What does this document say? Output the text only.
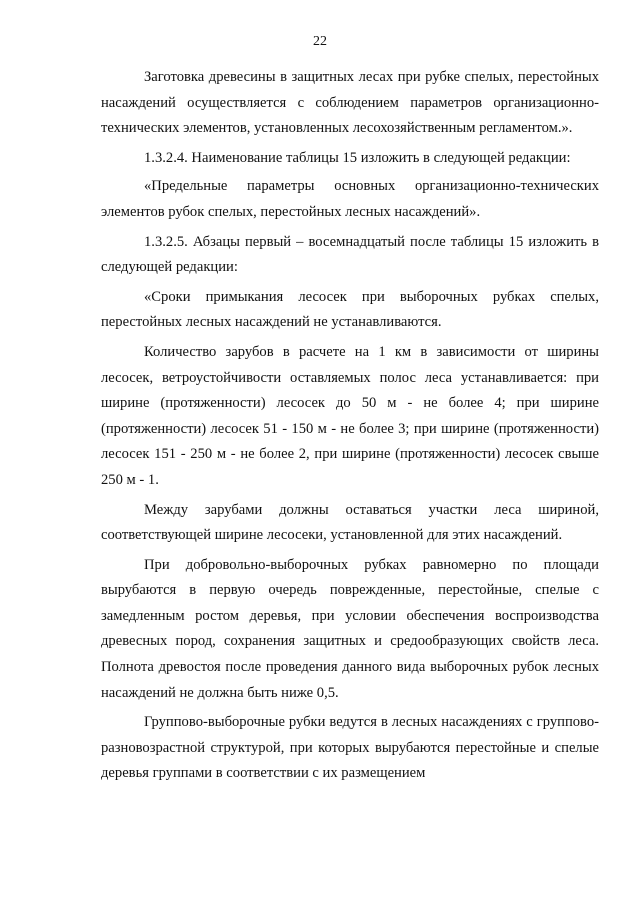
22

Заготовка древесины в защитных лесах при рубке спелых, перестойных насаждений осуществляется с соблюдением параметров организационно-технических элементов, установленных лесохозяйственным регламентом.».

1.3.2.4. Наименование таблицы 15 изложить в следующей редакции:

«Предельные параметры основных организационно-технических элементов рубок спелых, перестойных лесных насаждений».

1.3.2.5. Абзацы первый – восемнадцатый после таблицы 15 изложить в следующей редакции:

«Сроки примыкания лесосек при выборочных рубках спелых, перестойных лесных насаждений не устанавливаются.

Количество зарубов в расчете на 1 км в зависимости от ширины лесосек, ветроустойчивости оставляемых полос леса устанавливается: при ширине (протяженности) лесосек до 50 м - не более 4; при ширине (протяженности) лесосек 51 - 150 м - не более 3; при ширине (протяженности) лесосек 151 - 250 м - не более 2, при ширине (протяженности) лесосек свыше 250 м - 1.

Между зарубами должны оставаться участки леса шириной, соответствующей ширине лесосеки, установленной для этих насаждений.

При добровольно-выборочных рубках равномерно по площади вырубаются в первую очередь поврежденные, перестойные, спелые с замедленным ростом деревья, при условии обеспечения воспроизводства древесных пород, сохранения защитных и средообразующих свойств леса. Полнота древостоя после проведения данного вида выборочных рубок лесных насаждений не должна быть ниже 0,5.

Групповo-выборочные рубки ведутся в лесных насаждениях с группово-разновозрастной структурой, при которых вырубаются перестойные и спелые деревья группами в соответствии с их размещением
